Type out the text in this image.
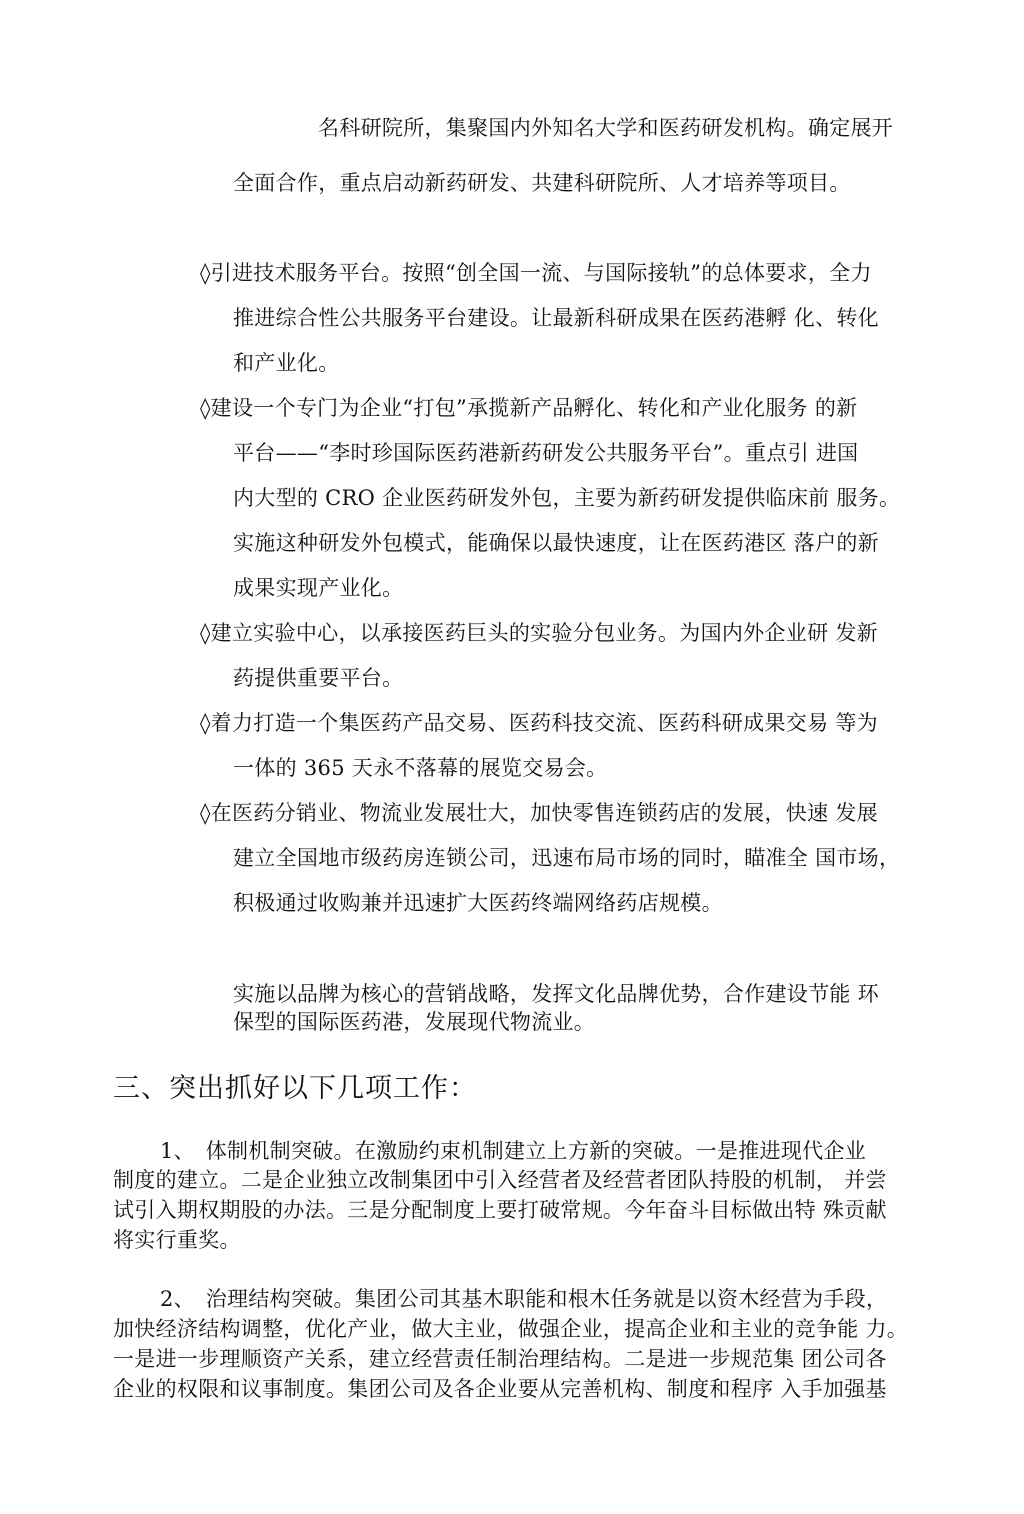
名科研院所，集聚国内外知名大学和医药研发机构。确定展开
全面合作，重点启动新药研发、共建科研院所、人才培养等项目。
◊引进技术服务平台。按照“创全国一流、与国际接轨”的总体要求，全力
推进综合性公共服务平台建设。让最新科研成果在医药港孵 化、转化
和产业化。
◊建设一个专门为企业“打包”承揽新产品孵化、转化和产业化服务 的新
平台——“李时珍国际医药港新药研发公共服务平台”。重点引 进国
内大型的 CRO 企业医药研发外包，主要为新药研发提供临床前 服务。
实施这种研发外包模式，能确保以最快速度，让在医药港区 落户的新
成果实现产业化。
◊建立实验中心，以承接医药巨头的实验分包业务。为国内外企业研 发新
药提供重要平台。
◊着力打造一个集医药产品交易、医药科技交流、医药科研成果交易 等为
一体的 365 天永不落幕的展览交易会。
◊在医药分销业、物流业发展壮大，加快零售连锁药店的发展，快速 发展
建立全国地市级药房连锁公司，迅速布局市场的同时，瞄准全 国市场，
积极通过收购兼并迅速扩大医药终端网络药店规模。
实施以品牌为核心的营销战略，发挥文化品牌优势，合作建设节能 环
保型的国际医药港，发展现代物流业。
三、突出抓好以下几项工作：
1、　体制机制突破。在激励约束机制建立上方新的突破。一是推进现代企业
制度的建立。二是企业独立改制集团中引入经营者及经营者团队持股的机制， 并尝
试引入期权期股的办法。三是分配制度上要打破常规。今年奋斗目标做出特 殊贡献
将实行重奖。
2、　治理结构突破。集团公司其基木职能和根木任务就是以资木经营为手段，
加快经济结构调整，优化产业，做大主业，做强企业，提高企业和主业的竞争能 力。
一是进一步理顺资产关系，建立经营责任制治理结构。二是进一步规范集 团公司各
企业的权限和议事制度。集团公司及各企业要从完善机构、制度和程序 入手加强基
